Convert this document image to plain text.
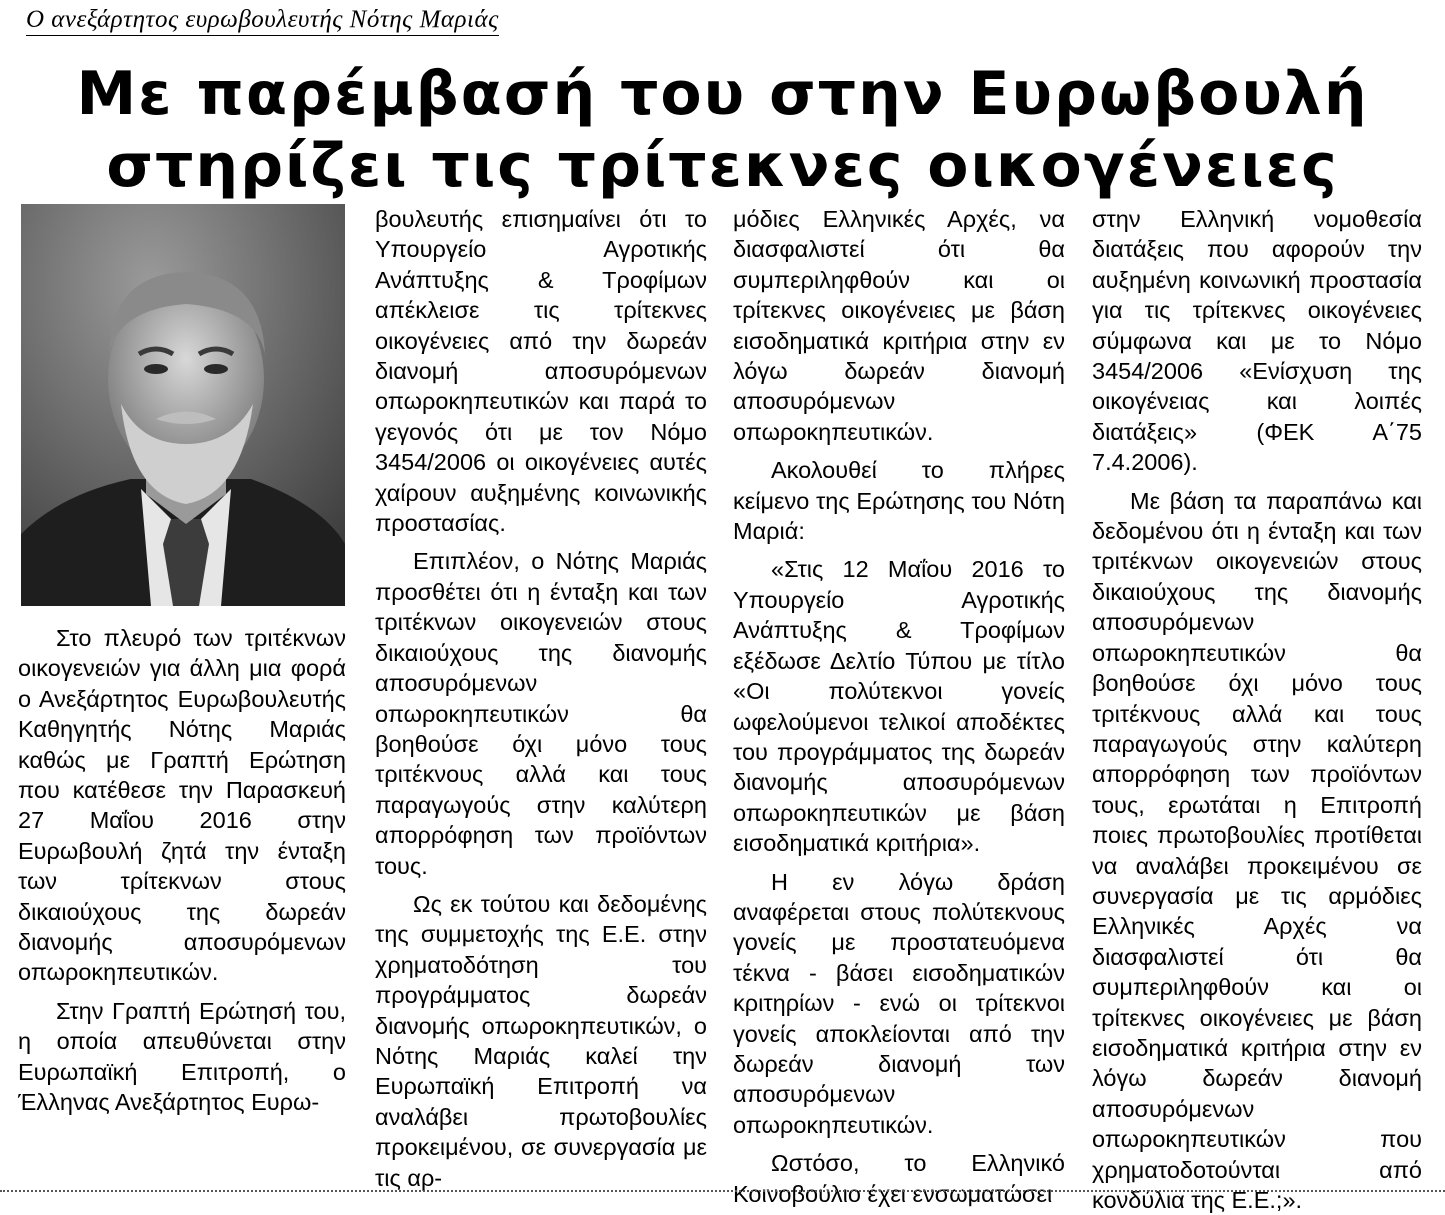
Ο ανεξάρτητος ευρωβουλευτής Νότης Μαριάς
Με παρέμβασή του στην Ευρωβουλή
στηρίζει τις τρίτεκνες οικογένειες

Στο πλευρό των τριτέκνων οικογενειών για άλλη μια φορά ο Ανεξάρτητος Ευρωβουλευτής Καθηγητής Νότης Μαριάς καθώς με Γραπτή Ερώτηση που κατέθεσε την Παρασκευή 27 Μαΐου 2016 στην Ευρωβουλή ζητά την ένταξη των τρίτεκνων στους δικαιούχους της δωρεάν διανομής αποσυρόμενων οπωροκηπευτικών.

Στην Γραπτή Ερώτησή του, η οποία απευθύνεται στην Ευρωπαϊκή Επιτροπή, ο Έλληνας Ανεξάρτητος Ευρω-

βουλευτής επισημαίνει ότι το Υπουργείο Αγροτικής Ανάπτυξης & Τροφίμων απέκλεισε τις τρίτεκνες οικογένειες από την δωρεάν διανομή αποσυρόμενων οπωροκηπευτικών και παρά το γεγονός ότι με τον Νόμο 3454/2006 οι οικογένειες αυτές χαίρουν αυξημένης κοινωνικής προστασίας.

Επιπλέον, ο Νότης Μαριάς προσθέτει ότι η ένταξη και των τριτέκνων οικογενειών στους δικαιούχους της διανομής αποσυρόμενων οπωροκηπευτικών θα βοηθούσε όχι μόνο τους τριτέκνους αλλά και τους παραγωγούς στην καλύτερη απορρόφηση των προϊόντων τους.

Ως εκ τούτου και δεδομένης της συμμετοχής της Ε.Ε. στην χρηματοδότηση του προγράμματος δωρεάν διανομής οπωροκηπευτικών, ο Νότης Μαριάς καλεί την Ευρωπαϊκή Επιτροπή να αναλάβει πρωτοβουλίες προκειμένου, σε συνεργασία με τις αρ-

μόδιες Ελληνικές Αρχές, να διασφαλιστεί ότι θα συμπεριληφθούν και οι τρίτεκνες οικογένειες με βάση εισοδηματικά κριτήρια στην εν λόγω δωρεάν διανομή αποσυρόμενων οπωροκηπευτικών.

Ακολουθεί το πλήρες κείμενο της Ερώτησης του Νότη Μαριά:

«Στις 12 Μαΐου 2016 το Υπουργείο Αγροτικής Ανάπτυξης & Τροφίμων εξέδωσε Δελτίο Τύπου με τίτλο «Οι πολύτεκνοι γονείς ωφελούμενοι τελικοί αποδέκτες του προγράμματος της δωρεάν διανομής αποσυρόμενων οπωροκηπευτικών με βάση εισοδηματικά κριτήρια».

Η εν λόγω δράση αναφέρεται στους πολύτεκνους γονείς με προστατευόμενα τέκνα - βάσει εισοδηματικών κριτηρίων - ενώ οι τρίτεκνοι γονείς αποκλείονται από την δωρεάν διανομή των αποσυρόμενων οπωροκηπευτικών.

Ωστόσο, το Ελληνικό Κοινοβούλιο έχει ενσωματώσει

στην Ελληνική νομοθεσία διατάξεις που αφορούν την αυξημένη κοινωνική προστασία για τις τρίτεκνες οικογένειες σύμφωνα και με το Νόμο 3454/2006 «Ενίσχυση της οικογένειας και λοιπές διατάξεις» (ΦΕΚ Α΄75 7.4.2006).

Με βάση τα παραπάνω και δεδομένου ότι η ένταξη και των τριτέκνων οικογενειών στους δικαιούχους της διανομής αποσυρόμενων οπωροκηπευτικών θα βοηθούσε όχι μόνο τους τριτέκνους αλλά και τους παραγωγούς στην καλύτερη απορρόφηση των προϊόντων τους, ερωτάται η Επιτροπή ποιες πρωτοβουλίες προτίθεται να αναλάβει προκειμένου σε συνεργασία με τις αρμόδιες Ελληνικές Αρχές να διασφαλιστεί ότι θα συμπεριληφθούν και οι τρίτεκνες οικογένειες με βάση εισοδηματικά κριτήρια στην εν λόγω δωρεάν διανομή αποσυρόμενων οπωροκηπευτικών που χρηματοδοτούνται από κονδύλια της Ε.Ε.;».
